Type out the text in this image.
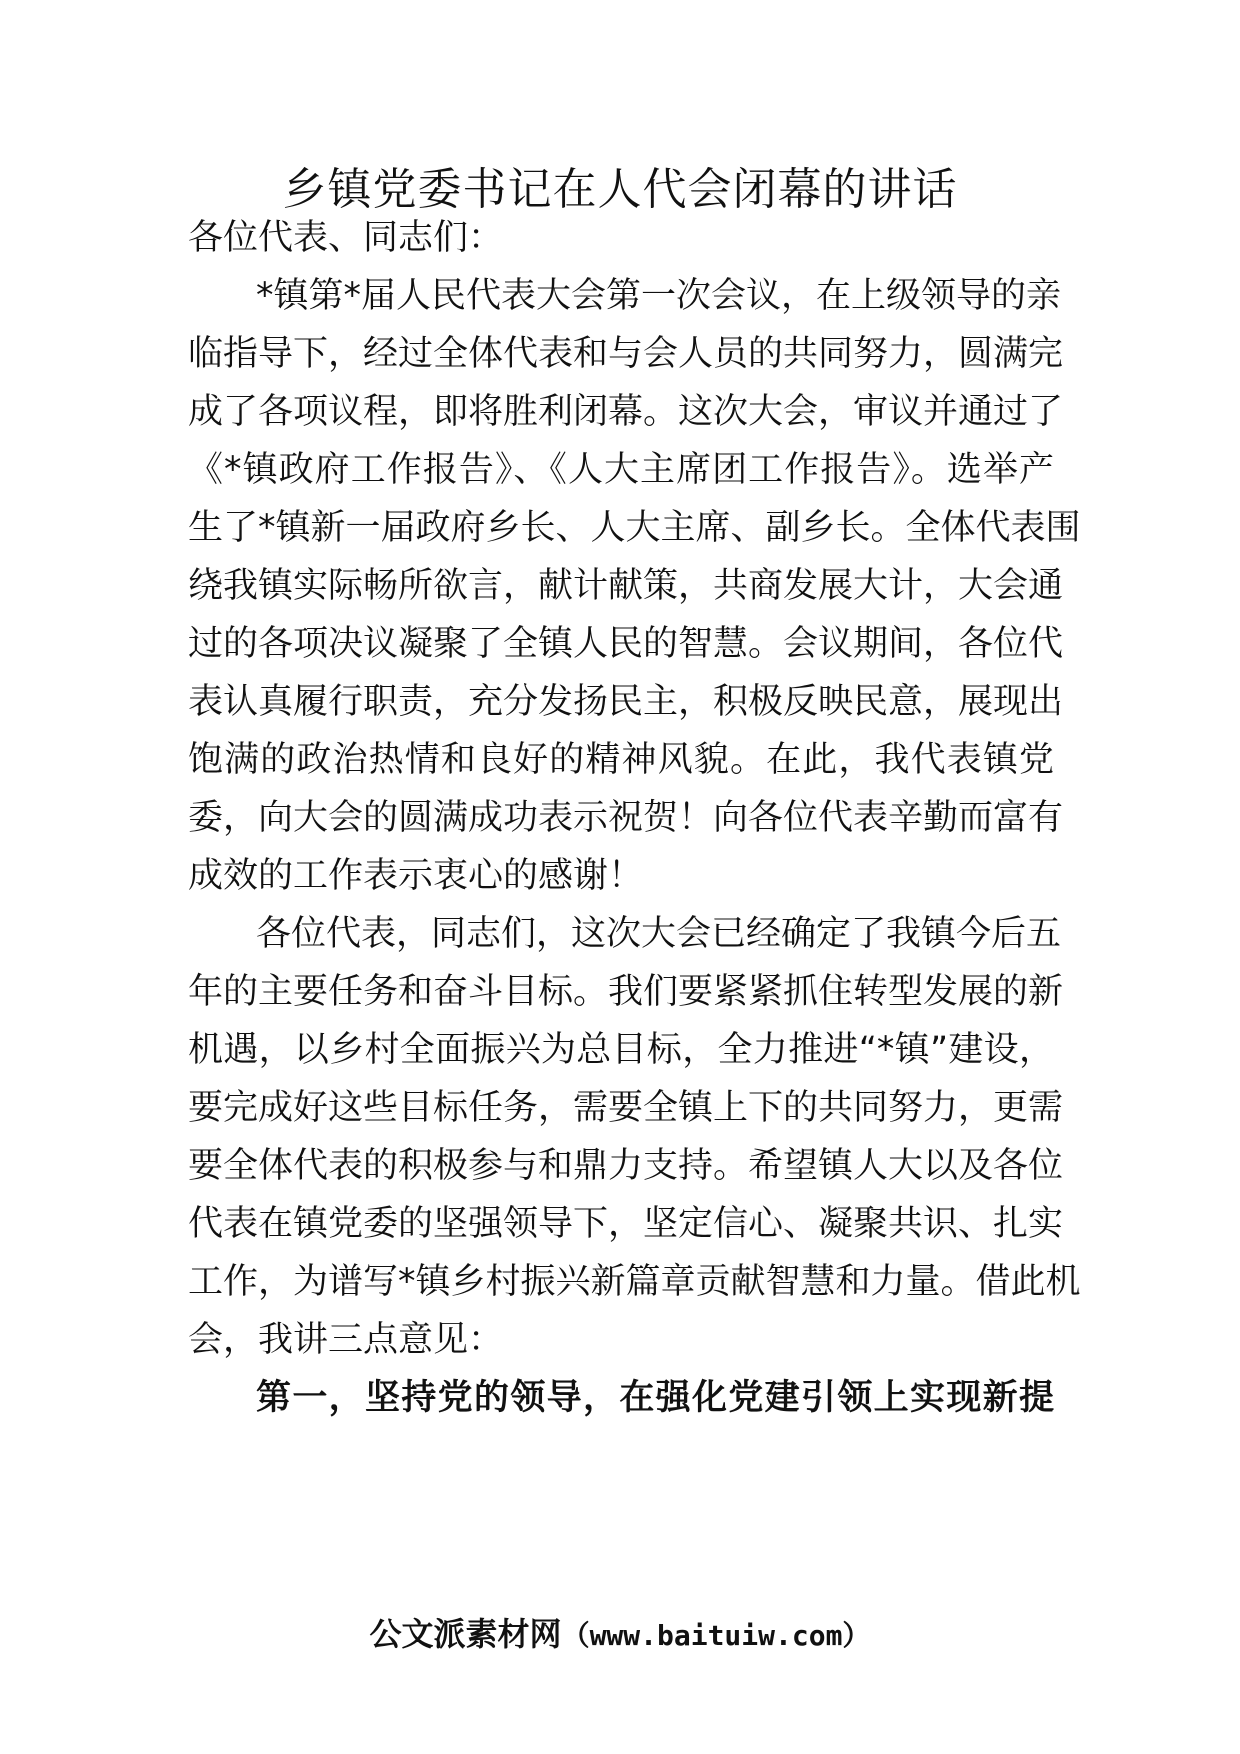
乡镇党委书记在人代会闭幕的讲话
各位代表、同志们：
*镇第*届人民代表大会第一次会议，在上级领导的亲
临指导下，经过全体代表和与会人员的共同努力，圆满完
成了各项议程，即将胜利闭幕。这次大会，审议并通过了
《*镇政府工作报告》、《人大主席团工作报告》。选举产
生了*镇新一届政府乡长、人大主席、副乡长。全体代表围
绕我镇实际畅所欲言，献计献策，共商发展大计，大会通
过的各项决议凝聚了全镇人民的智慧。会议期间，各位代
表认真履行职责，充分发扬民主，积极反映民意，展现出
饱满的政治热情和良好的精神风貌。在此，我代表镇党
委，向大会的圆满成功表示祝贺！向各位代表辛勤而富有
成效的工作表示衷心的感谢！
各位代表，同志们，这次大会已经确定了我镇今后五
年的主要任务和奋斗目标。我们要紧紧抓住转型发展的新
机遇，以乡村全面振兴为总目标，全力推进“*镇”建设，
要完成好这些目标任务，需要全镇上下的共同努力，更需
要全体代表的积极参与和鼎力支持。希望镇人大以及各位
代表在镇党委的坚强领导下，坚定信心、凝聚共识、扎实
工作，为谱写*镇乡村振兴新篇章贡献智慧和力量。借此机
会，我讲三点意见：
第一，坚持党的领导，在强化党建引领上实现新提
公文派素材网（www.baituiw.com）
